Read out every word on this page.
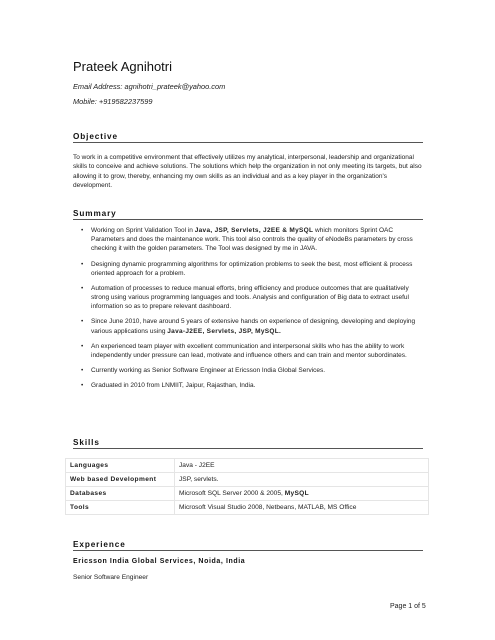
Prateek Agnihotri
Email Address: agnihotri_prateek@yahoo.com
Mobile: +919582237599
Objective
To work in a competitive environment that effectively utilizes my analytical, interpersonal, leadership and organizational skills to conceive and achieve solutions. The solutions which help the organization in not only meeting its targets, but also allowing it to grow, thereby, enhancing my own skills as an individual and as a key player in the organization's development.
Summary
• Working on Sprint Validation Tool in Java, JSP, Servlets, J2EE & MySQL which monitors Sprint OAC Parameters and does the maintenance work. This tool also controls the quality of eNodeBs parameters by cross checking it with the golden parameters. The Tool was designed by me in JAVA.
• Designing dynamic programming algorithms for optimization problems to seek the best, most efficient & process oriented approach for a problem.
• Automation of processes to reduce manual efforts, bring efficiency and produce outcomes that are qualitatively strong using various programming languages and tools. Analysis and configuration of Big data to extract useful information so as to prepare relevant dashboard.
• Since June 2010, have around 5 years of extensive hands on experience of designing, developing and deploying various applications using Java-J2EE, Servlets, JSP, MySQL.
• An experienced team player with excellent communication and interpersonal skills who has the ability to work independently under pressure can lead, motivate and influence others and can train and mentor subordinates.
• Currently working as Senior Software Engineer at Ericsson India Global Services.
• Graduated in 2010 from LNMIIT, Jaipur, Rajasthan, India.
Skills
Languages	Java - J2EE
Web based Development	JSP, servlets.
Databases	Microsoft SQL Server 2000 & 2005, MySQL
Tools	Microsoft Visual Studio 2008, Netbeans, MATLAB, MS Office
Experience
Ericsson India Global Services, Noida, India
Senior Software Engineer
Page 1 of 5
